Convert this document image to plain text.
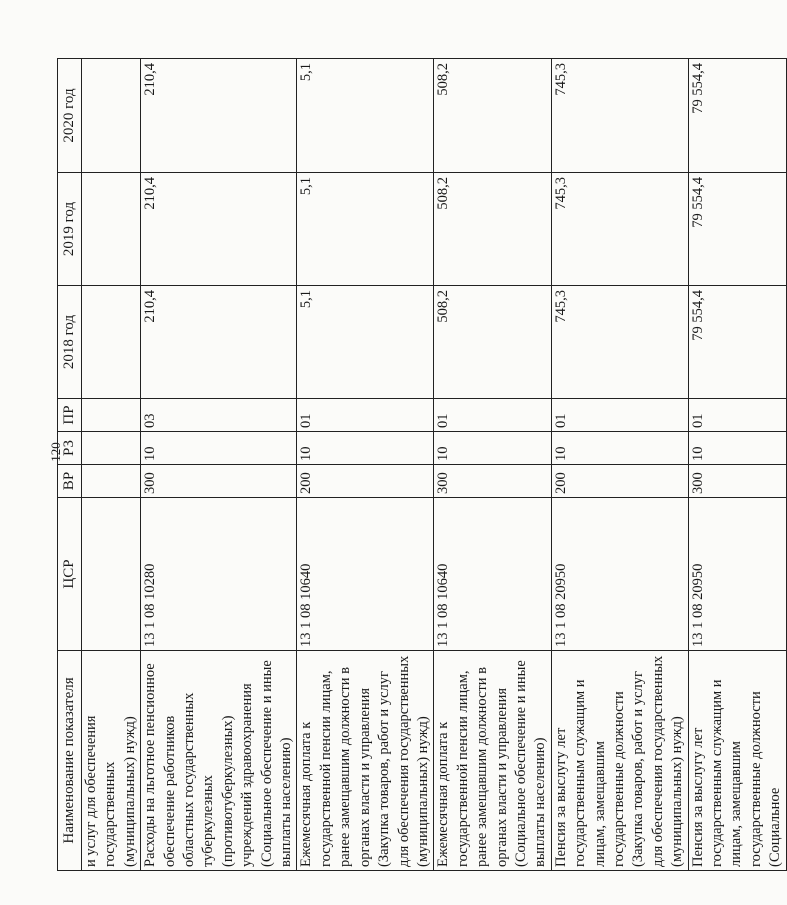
120
Наименование показателя	ЦСР	ВР	РЗ	ПР	2018 год	2019 год	2020 год
и услуг для обеспечения государственных (муниципальных) нужд)							
Расходы на льготное пенсионное обеспечение работников областных государственных туберкулезных (противотуберкулезных) учреждений здравоохранения (Социальное обеспечение и иные выплаты населению)	13 1 08 10280	300	10	03	210,4	210,4	210,4
Ежемесячная доплата к государственной пенсии лицам, ранее замещавшим должности в органах власти и управления (Закупка товаров, работ и услуг для обеспечения государственных (муниципальных) нужд)	13 1 08 10640	200	10	01	5,1	5,1	5,1
Ежемесячная доплата к государственной пенсии лицам, ранее замещавшим должности в органах власти и управления (Социальное обеспечение и иные выплаты населению)	13 1 08 10640	300	10	01	508,2	508,2	508,2
Пенсия за выслугу лет государственным служащим и лицам, замещавшим государственные должности (Закупка товаров, работ и услуг для обеспечения государственных (муниципальных) нужд)	13 1 08 20950	200	10	01	745,3	745,3	745,3
Пенсия за выслугу лет государственным служащим и лицам, замещавшим государственные должности (Социальное	13 1 08 20950	300	10	01	79 554,4	79 554,4	79 554,4
